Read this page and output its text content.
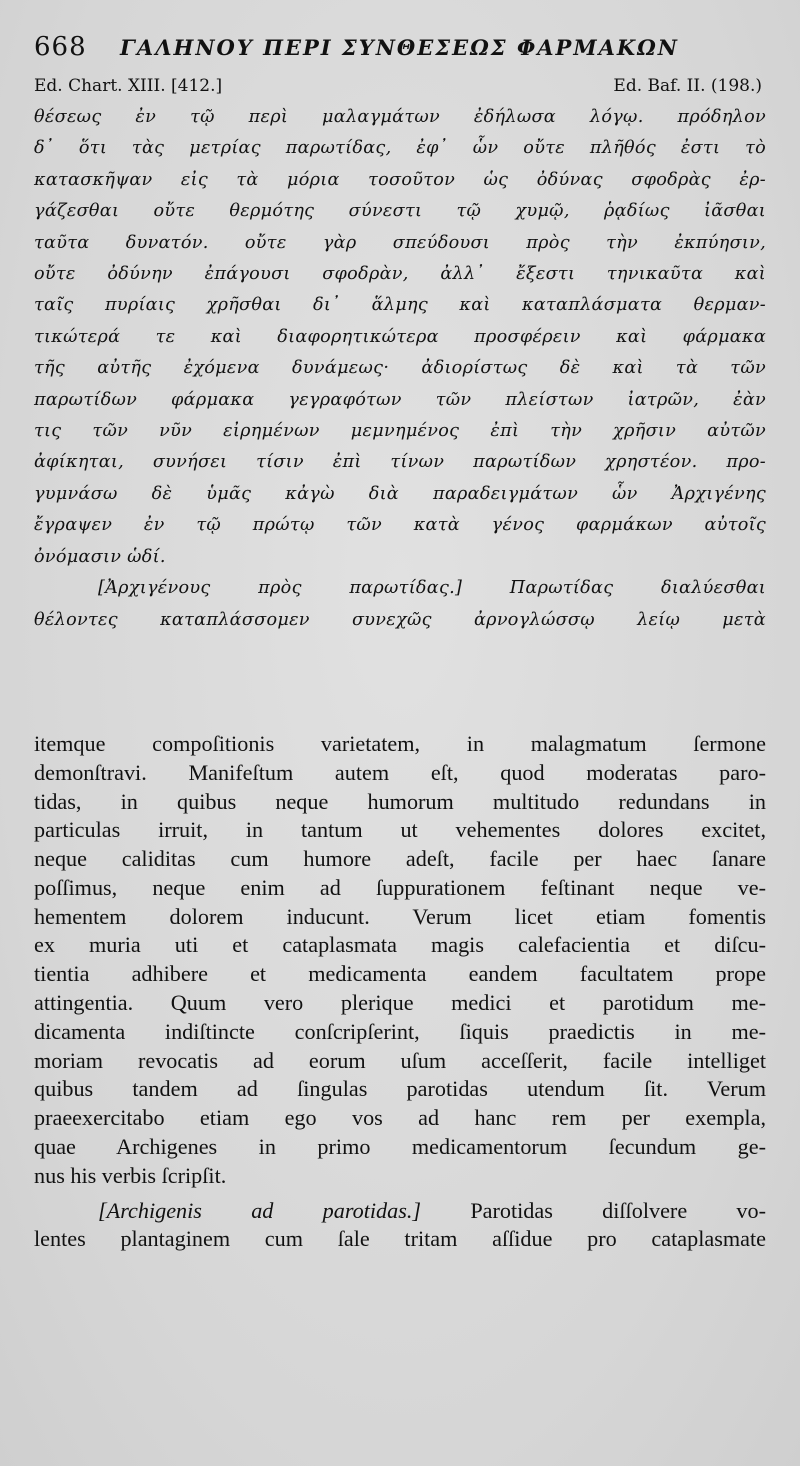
668	ΓΑΛΗΝΟΥ ΠΕΡΙ ΣΥΝΘΕΣΕΩΣ ΦΑΡΜΑΚΩΝ
Ed. Chart. XIII. [412.]	Ed. Baf. II. (198.)
θέσεως ἐν τῷ περὶ μαλαγμάτων ἐδήλωσα λόγῳ. πρόδηλον
δ᾿ ὅτι τὰς μετρίας παρωτίδας, ἐφ᾿ ὧν οὔτε πλῆθός ἐστι τὸ
κατασκῆψαν εἰς τὰ μόρια τοσοῦτον ὡς ὀδύνας σφοδρὰς ἐρ-
γάζεσθαι οὔτε θερμότης σύνεστι τῷ χυμῷ, ῥᾳδίως ἰᾶσθαι
ταῦτα δυνατόν. οὔτε γὰρ σπεύδουσι πρὸς τὴν ἐκπύησιν,
οὔτε ὀδύνην ἐπάγουσι σφοδρὰν, ἀλλ᾿ ἔξεστι τηνικαῦτα καὶ
ταῖς πυρίαις χρῆσθαι δι᾿ ἅλμης καὶ καταπλάσματα θερμαν-
τικώτερά τε καὶ διαφορητικώτερα προσφέρειν καὶ φάρμακα
τῆς αὐτῆς ἐχόμενα δυνάμεως· ἀδιορίστως δὲ καὶ τὰ τῶν
παρωτίδων φάρμακα γεγραφότων τῶν πλείστων ἰατρῶν, ἐὰν
τις τῶν νῦν εἰρημένων μεμνημένος ἐπὶ τὴν χρῆσιν αὐτῶν
ἀφίκηται, συνήσει τίσιν ἐπὶ τίνων παρωτίδων χρηστέον. προ-
γυμνάσω δὲ ὑμᾶς κἀγὼ διὰ παραδειγμάτων ὧν Ἀρχιγένης
ἔγραψεν ἐν τῷ πρώτῳ τῶν κατὰ γένος φαρμάκων αὐτοῖς
ὀνόμασιν ὡδί.
[Ἀρχιγένους πρὸς παρωτίδας.] Παρωτίδας διαλύεσθαι
θέλοντες καταπλάσσομεν συνεχῶς ἀρνογλώσσῳ λείῳ μετὰ
itemque compoſitionis varietatem, in malagmatum ſermone
demonſtravi. Manifeſtum autem eſt, quod moderatas paro-
tidas, in quibus neque humorum multitudo redundans in
particulas irruit, in tantum ut vehementes dolores excitet,
neque caliditas cum humore adeſt, facile per haec ſanare
poſſimus, neque enim ad ſuppurationem feſtinant neque ve-
hementem dolorem inducunt. Verum licet etiam fomentis
ex muria uti et cataplasmata magis calefacientia et diſcu-
tientia adhibere et medicamenta eandem facultatem prope
attingentia. Quum vero plerique medici et parotidum me-
dicamenta indiſtincte conſcripſerint, ſiquis praedictis in me-
moriam revocatis ad eorum uſum acceſſerit, facile intelliget
quibus tandem ad ſingulas parotidas utendum ſit. Verum
praeexercitabo etiam ego vos ad hanc rem per exempla,
quae Archigenes in primo medicamentorum ſecundum ge-
nus his verbis ſcripſit.
[Archigenis ad parotidas.] Parotidas diſſolvere vo-
lentes plantaginem cum ſale tritam aſſidue pro cataplasmate
